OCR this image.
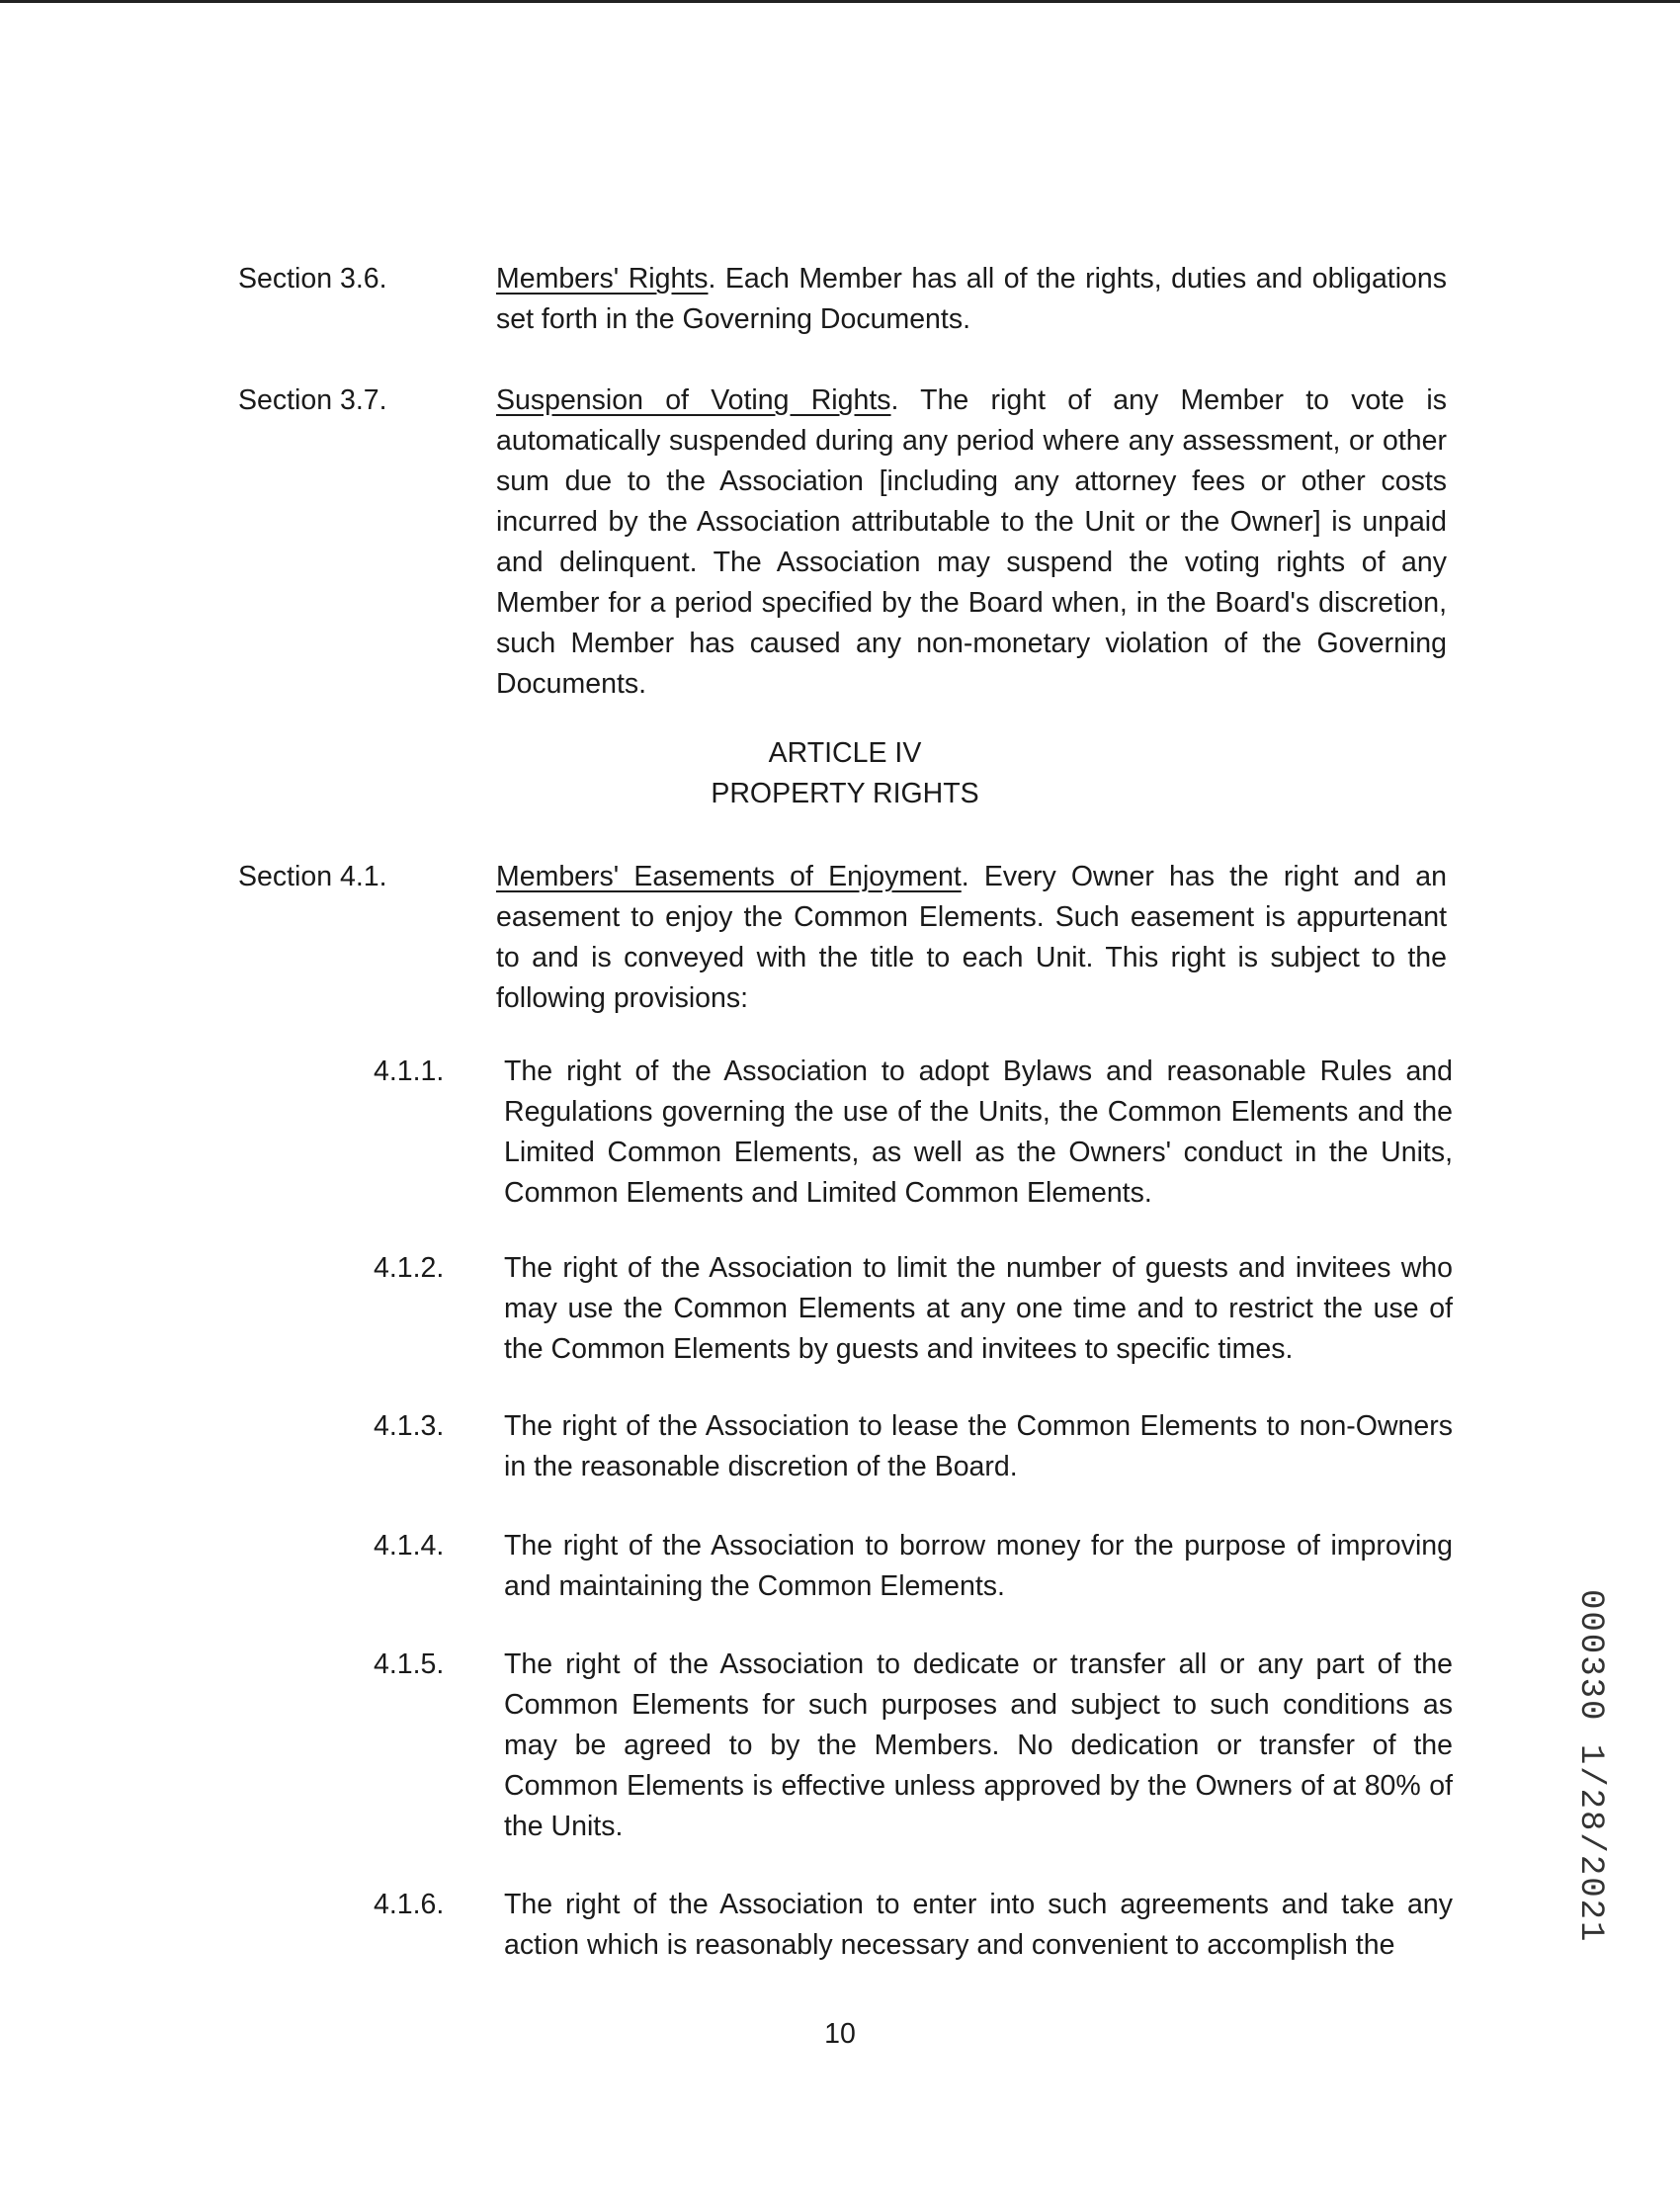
Section 3.6.	Members' Rights. Each Member has all of the rights, duties and obligations set forth in the Governing Documents.
Section 3.7.	Suspension of Voting Rights. The right of any Member to vote is automatically suspended during any period where any assessment, or other sum due to the Association [including any attorney fees or other costs incurred by the Association attributable to the Unit or the Owner] is unpaid and delinquent. The Association may suspend the voting rights of any Member for a period specified by the Board when, in the Board's discretion, such Member has caused any non-monetary violation of the Governing Documents.
ARTICLE IV
PROPERTY RIGHTS
Section 4.1.	Members' Easements of Enjoyment. Every Owner has the right and an easement to enjoy the Common Elements. Such easement is appurtenant to and is conveyed with the title to each Unit. This right is subject to the following provisions:
4.1.1. The right of the Association to adopt Bylaws and reasonable Rules and Regulations governing the use of the Units, the Common Elements and the Limited Common Elements, as well as the Owners' conduct in the Units, Common Elements and Limited Common Elements.
4.1.2. The right of the Association to limit the number of guests and invitees who may use the Common Elements at any one time and to restrict the use of the Common Elements by guests and invitees to specific times.
4.1.3. The right of the Association to lease the Common Elements to non-Owners in the reasonable discretion of the Board.
4.1.4. The right of the Association to borrow money for the purpose of improving and maintaining the Common Elements.
4.1.5. The right of the Association to dedicate or transfer all or any part of the Common Elements for such purposes and subject to such conditions as may be agreed to by the Members. No dedication or transfer of the Common Elements is effective unless approved by the Owners of at 80% of the Units.
4.1.6. The right of the Association to enter into such agreements and take any action which is reasonably necessary and convenient to accomplish the
10
000330 1/28/2021
